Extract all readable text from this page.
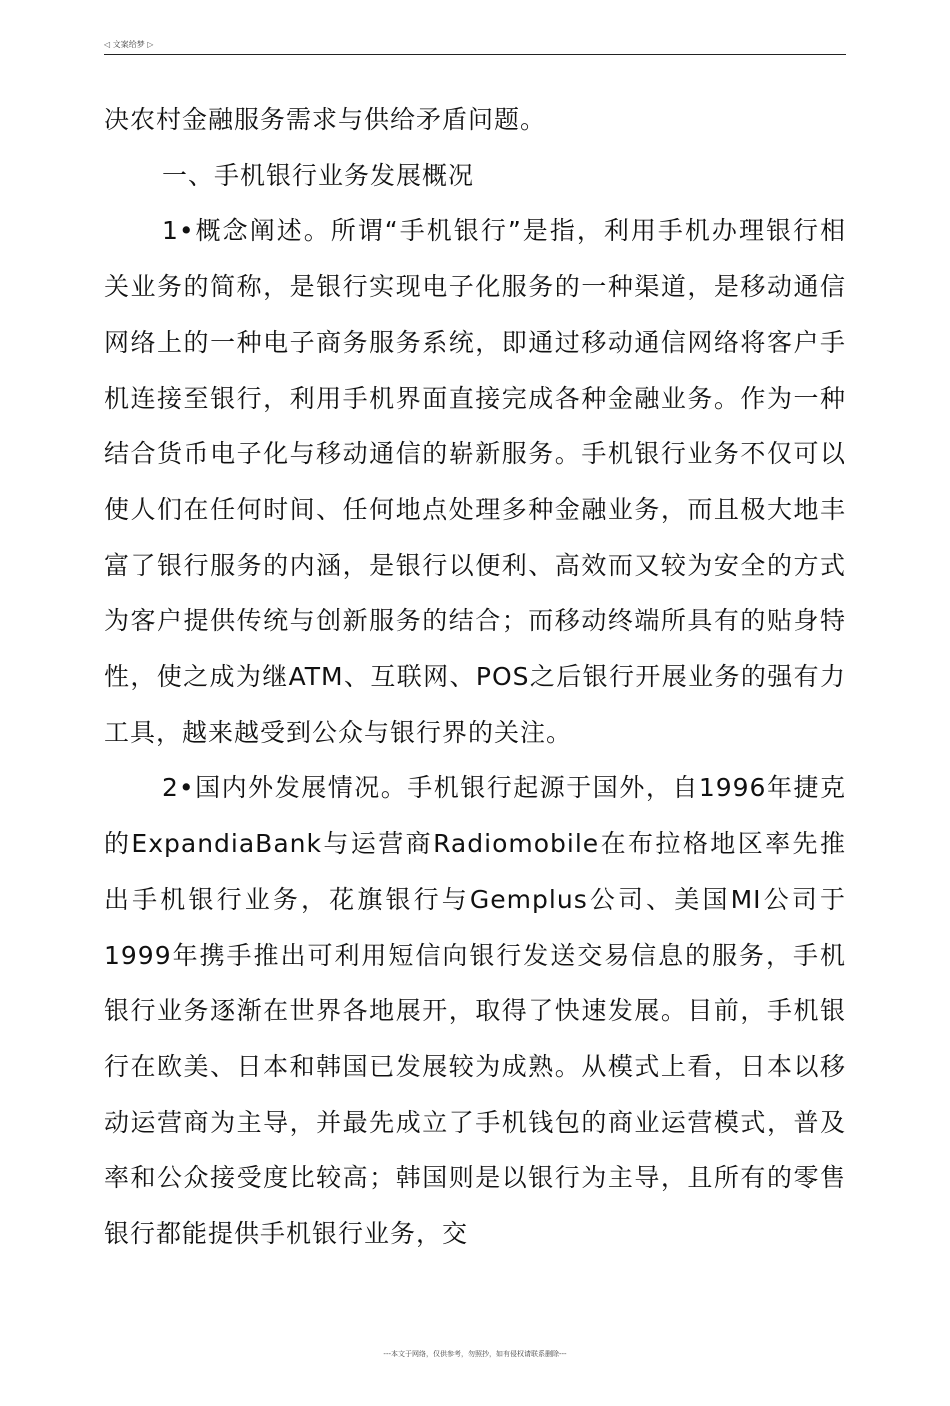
◁ 文案给梦 ▷

决农村金融服务需求与供给矛盾问题。

一、手机银行业务发展概况

1•概念阐述。所谓“手机银行”是指，利用手机办理银行相关业务的简称，是银行实现电子化服务的一种渠道，是移动通信网络上的一种电子商务服务系统，即通过移动通信网络将客户手机连接至银行，利用手机界面直接完成各种金融业务。作为一种结合货币电子化与移动通信的崭新服务。手机银行业务不仅可以使人们在任何时间、任何地点处理多种金融业务，而且极大地丰富了银行服务的内涵，是银行以便利、高效而又较为安全的方式为客户提供传统与创新服务的结合；而移动终端所具有的贴身特性，使之成为继ATM、互联网、POS之后银行开展业务的强有力工具，越来越受到公众与银行界的关注。

2•国内外发展情况。手机银行起源于国外，自1996年捷克的ExpandiaBank与运营商Radiomobile在布拉格地区率先推出手机银行业务，花旗银行与Gemplus公司、美国MI公司于1999年携手推出可利用短信向银行发送交易信息的服务，手机银行业务逐渐在世界各地展开，取得了快速发展。目前，手机银行在欧美、日本和韩国已发展较为成熟。从模式上看，日本以移动运营商为主导，并最先成立了手机钱包的商业运营模式，普及率和公众接受度比较高；韩国则是以银行为主导，且所有的零售银行都能提供手机银行业务，交

---本文于网络，仅供参考，勿照抄，如有侵权请联系删除---
